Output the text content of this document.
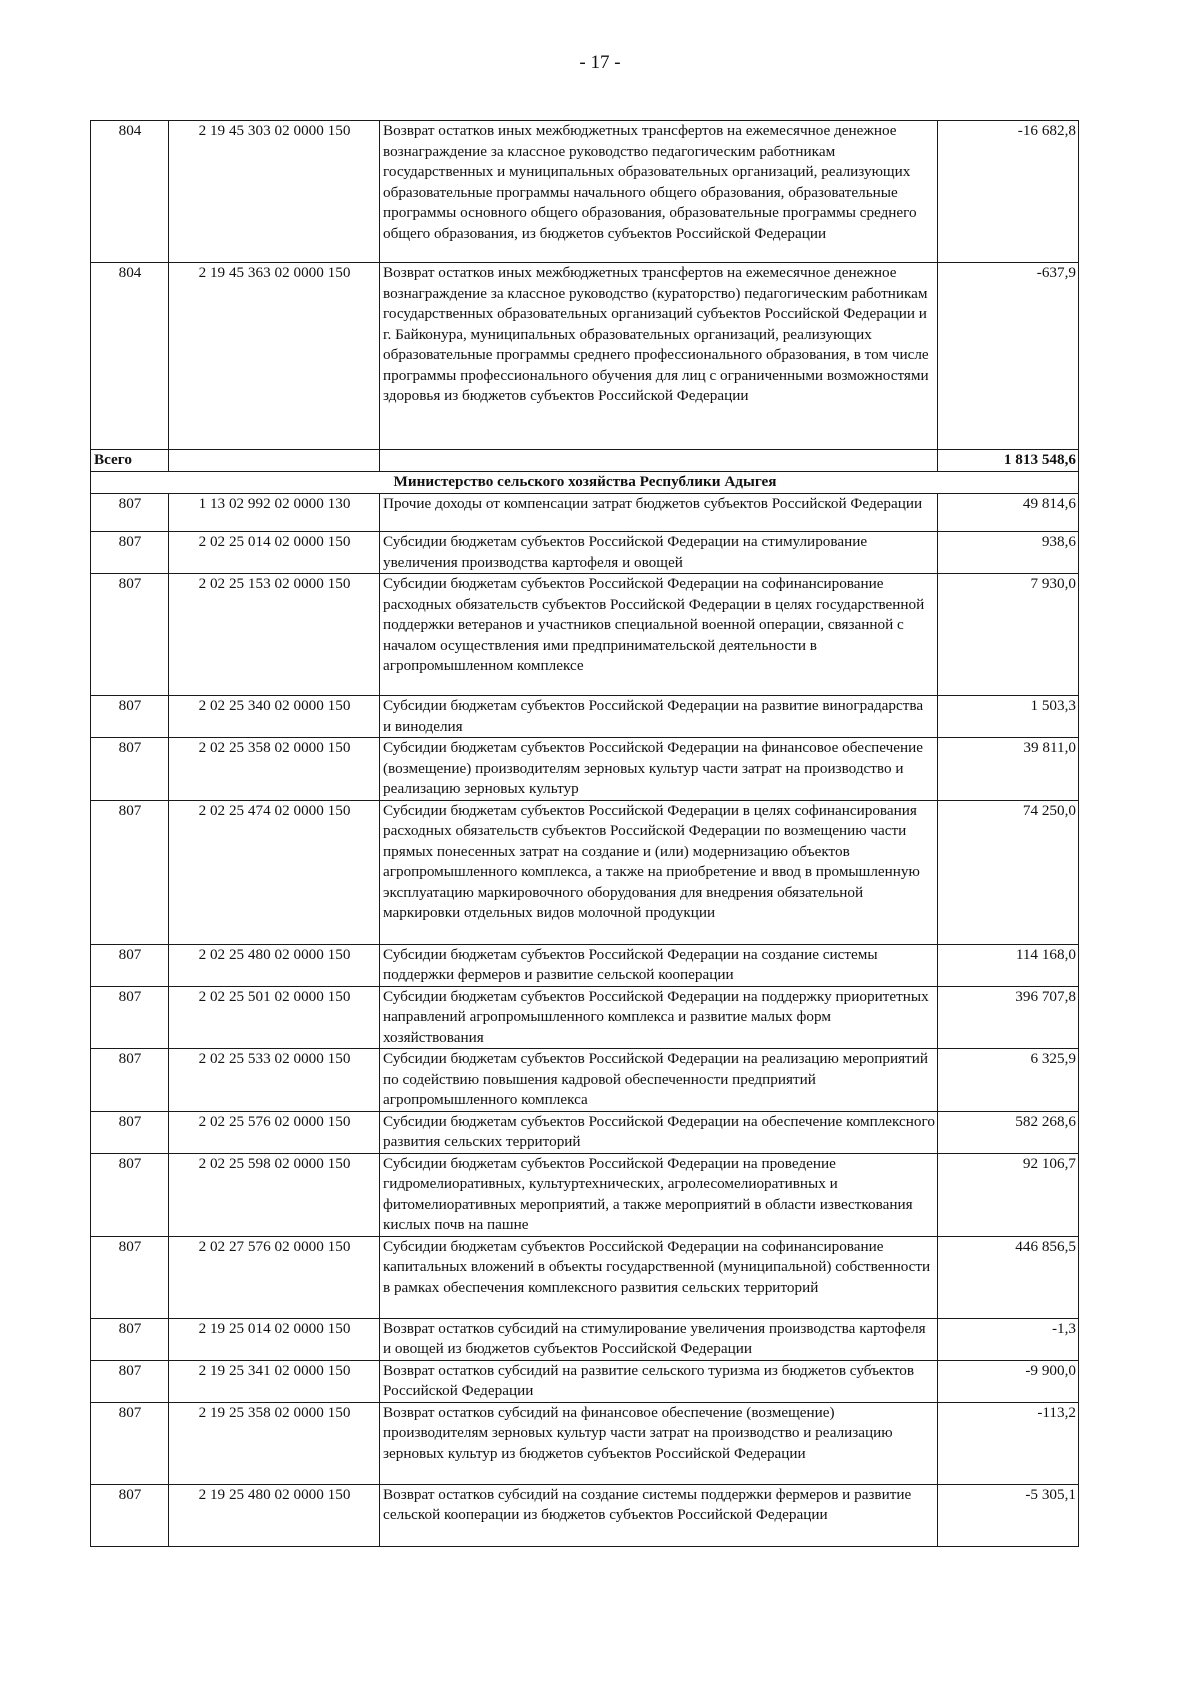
- 17 -
804	2 19 45 303 02 0000 150	Возврат остатков иных межбюджетных трансфертов на ежемесячное денежное вознаграждение за классное руководство педагогическим работникам государственных и муниципальных образовательных организаций, реализующих образовательные программы начального общего образования, образовательные программы основного общего образования, образовательные программы среднего общего образования, из бюджетов субъектов Российской Федерации	-16 682,8
804	2 19 45 363 02 0000 150	Возврат остатков иных межбюджетных трансфертов на ежемесячное денежное вознаграждение за классное руководство (кураторство) педагогическим работникам государственных образовательных организаций субъектов Российской Федерации и г. Байконура, муниципальных образовательных организаций, реализующих образовательные программы среднего профессионального образования, в том числе программы профессионального обучения для лиц с ограниченными возможностями здоровья из бюджетов субъектов Российской Федерации	-637,9
Всего			1 813 548,6
Министерство сельского хозяйства Республики Адыгея			
807	1 13 02 992 02 0000 130	Прочие доходы от компенсации затрат бюджетов субъектов Российской Федерации	49 814,6
807	2 02 25 014 02 0000 150	Субсидии бюджетам субъектов Российской Федерации на стимулирование увеличения производства картофеля и овощей	938,6
807	2 02 25 153 02 0000 150	Субсидии бюджетам субъектов Российской Федерации на софинансирование расходных обязательств субъектов Российской Федерации в целях государственной поддержки ветеранов и участников специальной военной операции, связанной с началом осуществления ими предпринимательской деятельности в агропромышленном комплексе	7 930,0
807	2 02 25 340 02 0000 150	Субсидии бюджетам субъектов Российской Федерации на развитие виноградарства и виноделия	1 503,3
807	2 02 25 358 02 0000 150	Субсидии бюджетам субъектов Российской Федерации на финансовое обеспечение (возмещение) производителям зерновых культур части затрат на производство и реализацию зерновых культур	39 811,0
807	2 02 25 474 02 0000 150	Субсидии бюджетам субъектов Российской Федерации в целях софинансирования расходных обязательств субъектов Российской Федерации по возмещению части прямых понесенных затрат на создание и (или) модернизацию объектов агропромышленного комплекса, а также на приобретение и ввод в промышленную эксплуатацию маркировочного оборудования для внедрения обязательной маркировки отдельных видов молочной продукции	74 250,0
807	2 02 25 480 02 0000 150	Субсидии бюджетам субъектов Российской Федерации на создание системы поддержки фермеров и развитие сельской кооперации	114 168,0
807	2 02 25 501 02 0000 150	Субсидии бюджетам субъектов Российской Федерации на поддержку приоритетных направлений агропромышленного комплекса и развитие малых форм хозяйствования	396 707,8
807	2 02 25 533 02 0000 150	Субсидии бюджетам субъектов Российской Федерации на реализацию мероприятий по содействию повышения кадровой обеспеченности предприятий агропромышленного комплекса	6 325,9
807	2 02 25 576 02 0000 150	Субсидии бюджетам субъектов Российской Федерации на обеспечение комплексного развития сельских территорий	582 268,6
807	2 02 25 598 02 0000 150	Субсидии бюджетам субъектов Российской Федерации на проведение гидромелиоративных, культуртехнических, агролесомелиоративных и фитомелиоративных мероприятий, а также мероприятий в области известкования кислых почв на пашне	92 106,7
807	2 02 27 576 02 0000 150	Субсидии бюджетам субъектов Российской Федерации на софинансирование капитальных вложений в объекты государственной (муниципальной) собственности в рамках обеспечения комплексного развития сельских территорий	446 856,5
807	2 19 25 014 02 0000 150	Возврат остатков субсидий на стимулирование увеличения производства картофеля и овощей из бюджетов субъектов Российской Федерации	-1,3
807	2 19 25 341 02 0000 150	Возврат остатков субсидий на развитие сельского туризма из бюджетов субъектов Российской Федерации	-9 900,0
807	2 19 25 358 02 0000 150	Возврат остатков субсидий на финансовое обеспечение (возмещение) производителям зерновых культур части затрат на производство и реализацию зерновых культур из бюджетов субъектов Российской Федерации	-113,2
807	2 19 25 480 02 0000 150	Возврат остатков субсидий на создание системы поддержки фермеров и развитие сельской кооперации из бюджетов субъектов Российской Федерации	-5 305,1
